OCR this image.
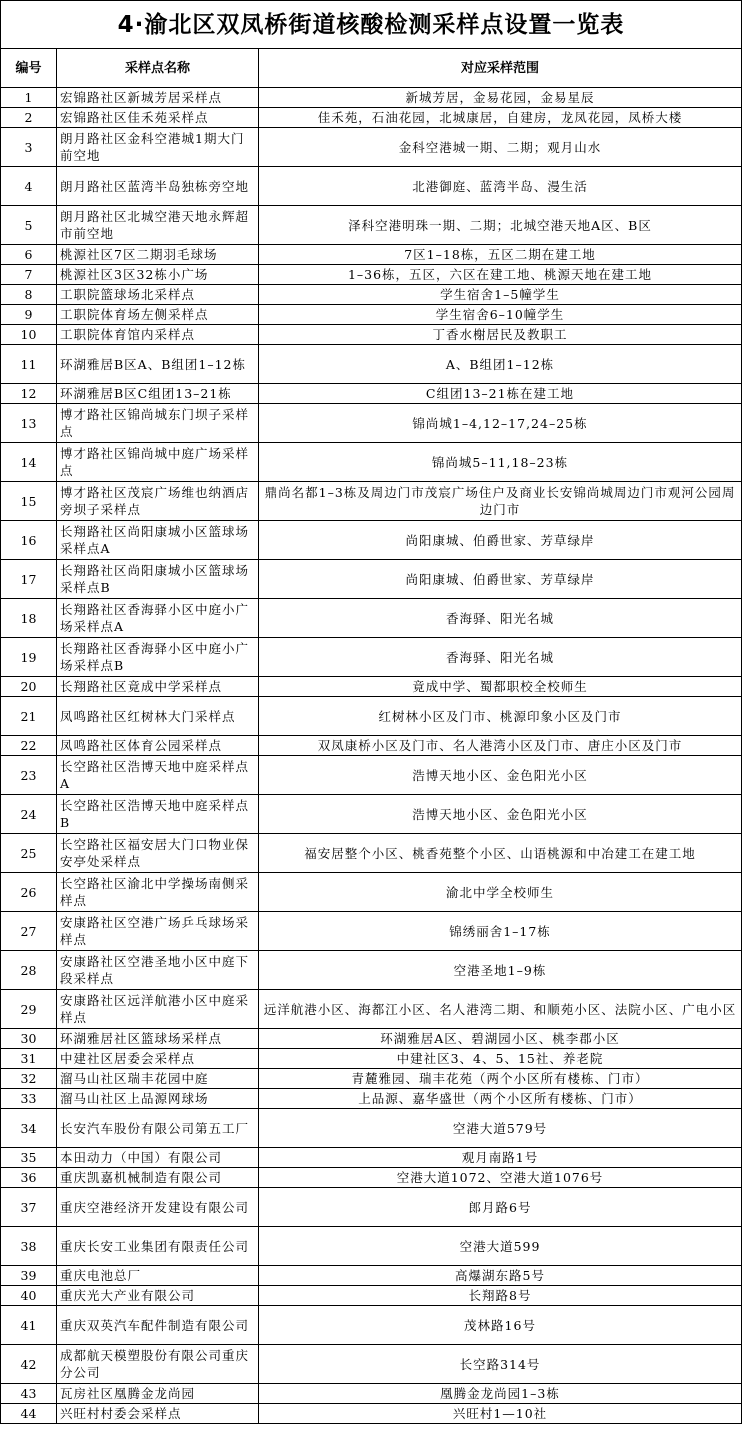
4·渝北区双凤桥街道核酸检测采样点设置一览表
编号	采样点名称	对应采样范围
1	宏锦路社区新城芳居采样点	新城芳居，金易花园，金易星辰
2	宏锦路社区佳禾苑采样点	佳禾苑，石油花园，北城康居，自建房，龙凤花园，凤桥大楼
3	朗月路社区金科空港城1期大门前空地	金科空港城一期、二期；观月山水
4	朗月路社区蓝湾半岛独栋旁空地	北港御庭、蓝湾半岛、漫生活
5	朗月路社区北城空港天地永辉超市前空地	泽科空港明珠一期、二期；北城空港天地A区、B区
6	桃源社区7区二期羽毛球场	7区1–18栋，五区二期在建工地
7	桃源社区3区32栋小广场	1–36栋，五区，六区在建工地、桃源天地在建工地
8	工职院篮球场北采样点	学生宿舍1–5幢学生
9	工职院体育场左侧采样点	学生宿舍6–10幢学生
10	工职院体育馆内采样点	丁香水榭居民及教职工
11	环湖雅居B区A、B组团1–12栋	A、B组团1–12栋
12	环湖雅居B区C组团13–21栋	C组团13–21栋在建工地
13	博才路社区锦尚城东门坝子采样点	锦尚城1–4,12–17,24–25栋
14	博才路社区锦尚城中庭广场采样点	锦尚城5–11,18–23栋
15	博才路社区茂宸广场维也纳酒店旁坝子采样点	鼎尚名都1–3栋及周边门市茂宸广场住户及商业长安锦尚城周边门市观河公园周边门市
16	长翔路社区尚阳康城小区篮球场采样点A	尚阳康城、伯爵世家、芳草绿岸
17	长翔路社区尚阳康城小区篮球场采样点B	尚阳康城、伯爵世家、芳草绿岸
18	长翔路社区香海驿小区中庭小广场采样点A	香海驿、阳光名城
19	长翔路社区香海驿小区中庭小广场采样点B	香海驿、阳光名城
20	长翔路社区竟成中学采样点	竟成中学、蜀都职校全校师生
21	凤鸣路社区红树林大门采样点	红树林小区及门市、桃源印象小区及门市
22	凤鸣路社区体育公园采样点	双凤康桥小区及门市、名人港湾小区及门市、唐庄小区及门市
23	长空路社区浩博天地中庭采样点A	浩博天地小区、金色阳光小区
24	长空路社区浩博天地中庭采样点B	浩博天地小区、金色阳光小区
25	长空路社区福安居大门口物业保安亭处采样点	福安居整个小区、桃香苑整个小区、山语桃源和中冶建工在建工地
26	长空路社区渝北中学操场南侧采样点	渝北中学全校师生
27	安康路社区空港广场乒乓球场采样点	锦绣丽舍1–17栋
28	安康路社区空港圣地小区中庭下段采样点	空港圣地1–9栋
29	安康路社区远洋航港小区中庭采样点	远洋航港小区、海都江小区、名人港湾二期、和顺苑小区、法院小区、广电小区
30	环湖雅居社区篮球场采样点	环湖雅居A区、碧湖园小区、桃李郡小区
31	中建社区居委会采样点	中建社区3、4、5、15社、养老院
32	溜马山社区瑞丰花园中庭	青麓雅园、瑞丰花苑（两个小区所有楼栋、门市）
33	溜马山社区上品源网球场	上品源、嘉华盛世（两个小区所有楼栋、门市）
34	长安汽车股份有限公司第五工厂	空港大道579号
35	本田动力（中国）有限公司	观月南路1号
36	重庆凯嘉机械制造有限公司	空港大道1072、空港大道1076号
37	重庆空港经济开发建设有限公司	郎月路6号
38	重庆长安工业集团有限责任公司	空港大道599
39	重庆电池总厂	高爆湖东路5号
40	重庆光大产业有限公司	长翔路8号
41	重庆双英汽车配件制造有限公司	茂林路16号
42	成都航天模塑股份有限公司重庆分公司	长空路314号
43	瓦房社区凰腾金龙尚园	凰腾金龙尚园1–3栋
44	兴旺村村委会采样点	兴旺村1—10社
